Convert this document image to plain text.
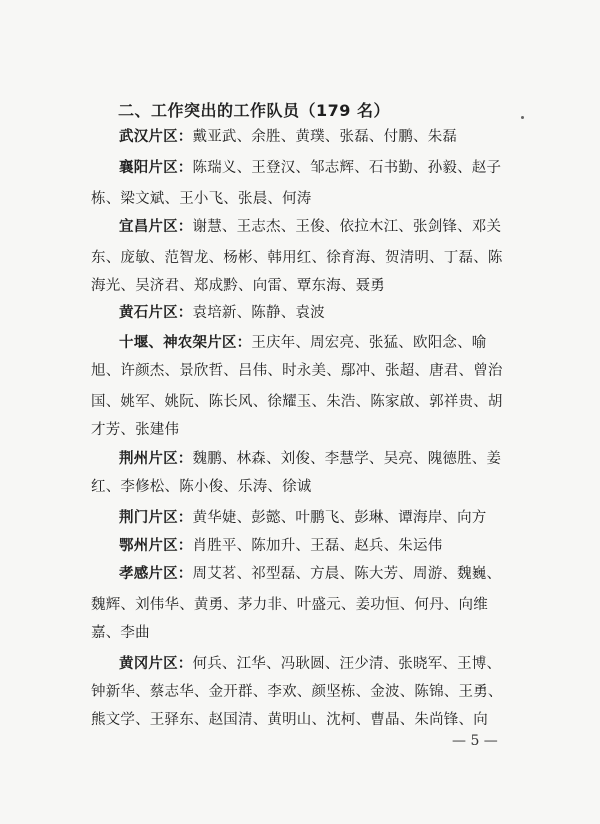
二、工作突出的工作队员（179 名）
武汉片区：戴亚武、余胜、黄璞、张磊、付鹏、朱磊
襄阳片区：陈瑞义、王登汉、邹志辉、石书勤、孙毅、赵子
栋、梁文斌、王小飞、张晨、何涛
宜昌片区：谢慧、王志杰、王俊、依拉木江、张剑锋、邓关
东、庞敏、范智龙、杨彬、韩用红、徐育海、贺清明、丁磊、陈
海光、吴济君、郑成黔、向雷、覃东海、聂勇
黄石片区：袁培新、陈静、袁波
十堰、神农架片区：王庆年、周宏亮、张猛、欧阳念、喻
旭、许颜杰、景欣哲、吕伟、时永美、鄢冲、张超、唐君、曾治
国、姚军、姚阮、陈长风、徐耀玉、朱浩、陈家啟、郭祥贵、胡
才芳、张建伟
荆州片区：魏鹏、林森、刘俊、李慧学、吴亮、隗德胜、姜
红、李修松、陈小俊、乐涛、徐诚
荆门片区：黄华婕、彭懿、叶鹏飞、彭琳、谭海岸、向方
鄂州片区：肖胜平、陈加升、王磊、赵兵、朱运伟
孝感片区：周艾茗、祁型磊、方晨、陈大芳、周游、魏巍、
魏辉、刘伟华、黄勇、茅力非、叶盛元、姜功恒、何丹、向维
嘉、李曲
黄冈片区：何兵、江华、冯耿圆、汪少清、张晓军、王博、
钟新华、蔡志华、金开群、李欢、颜坚栋、金波、陈锦、王勇、
熊文学、王驿东、赵国清、黄明山、沈柯、曹晶、朱尚锋、向
— 5 —
